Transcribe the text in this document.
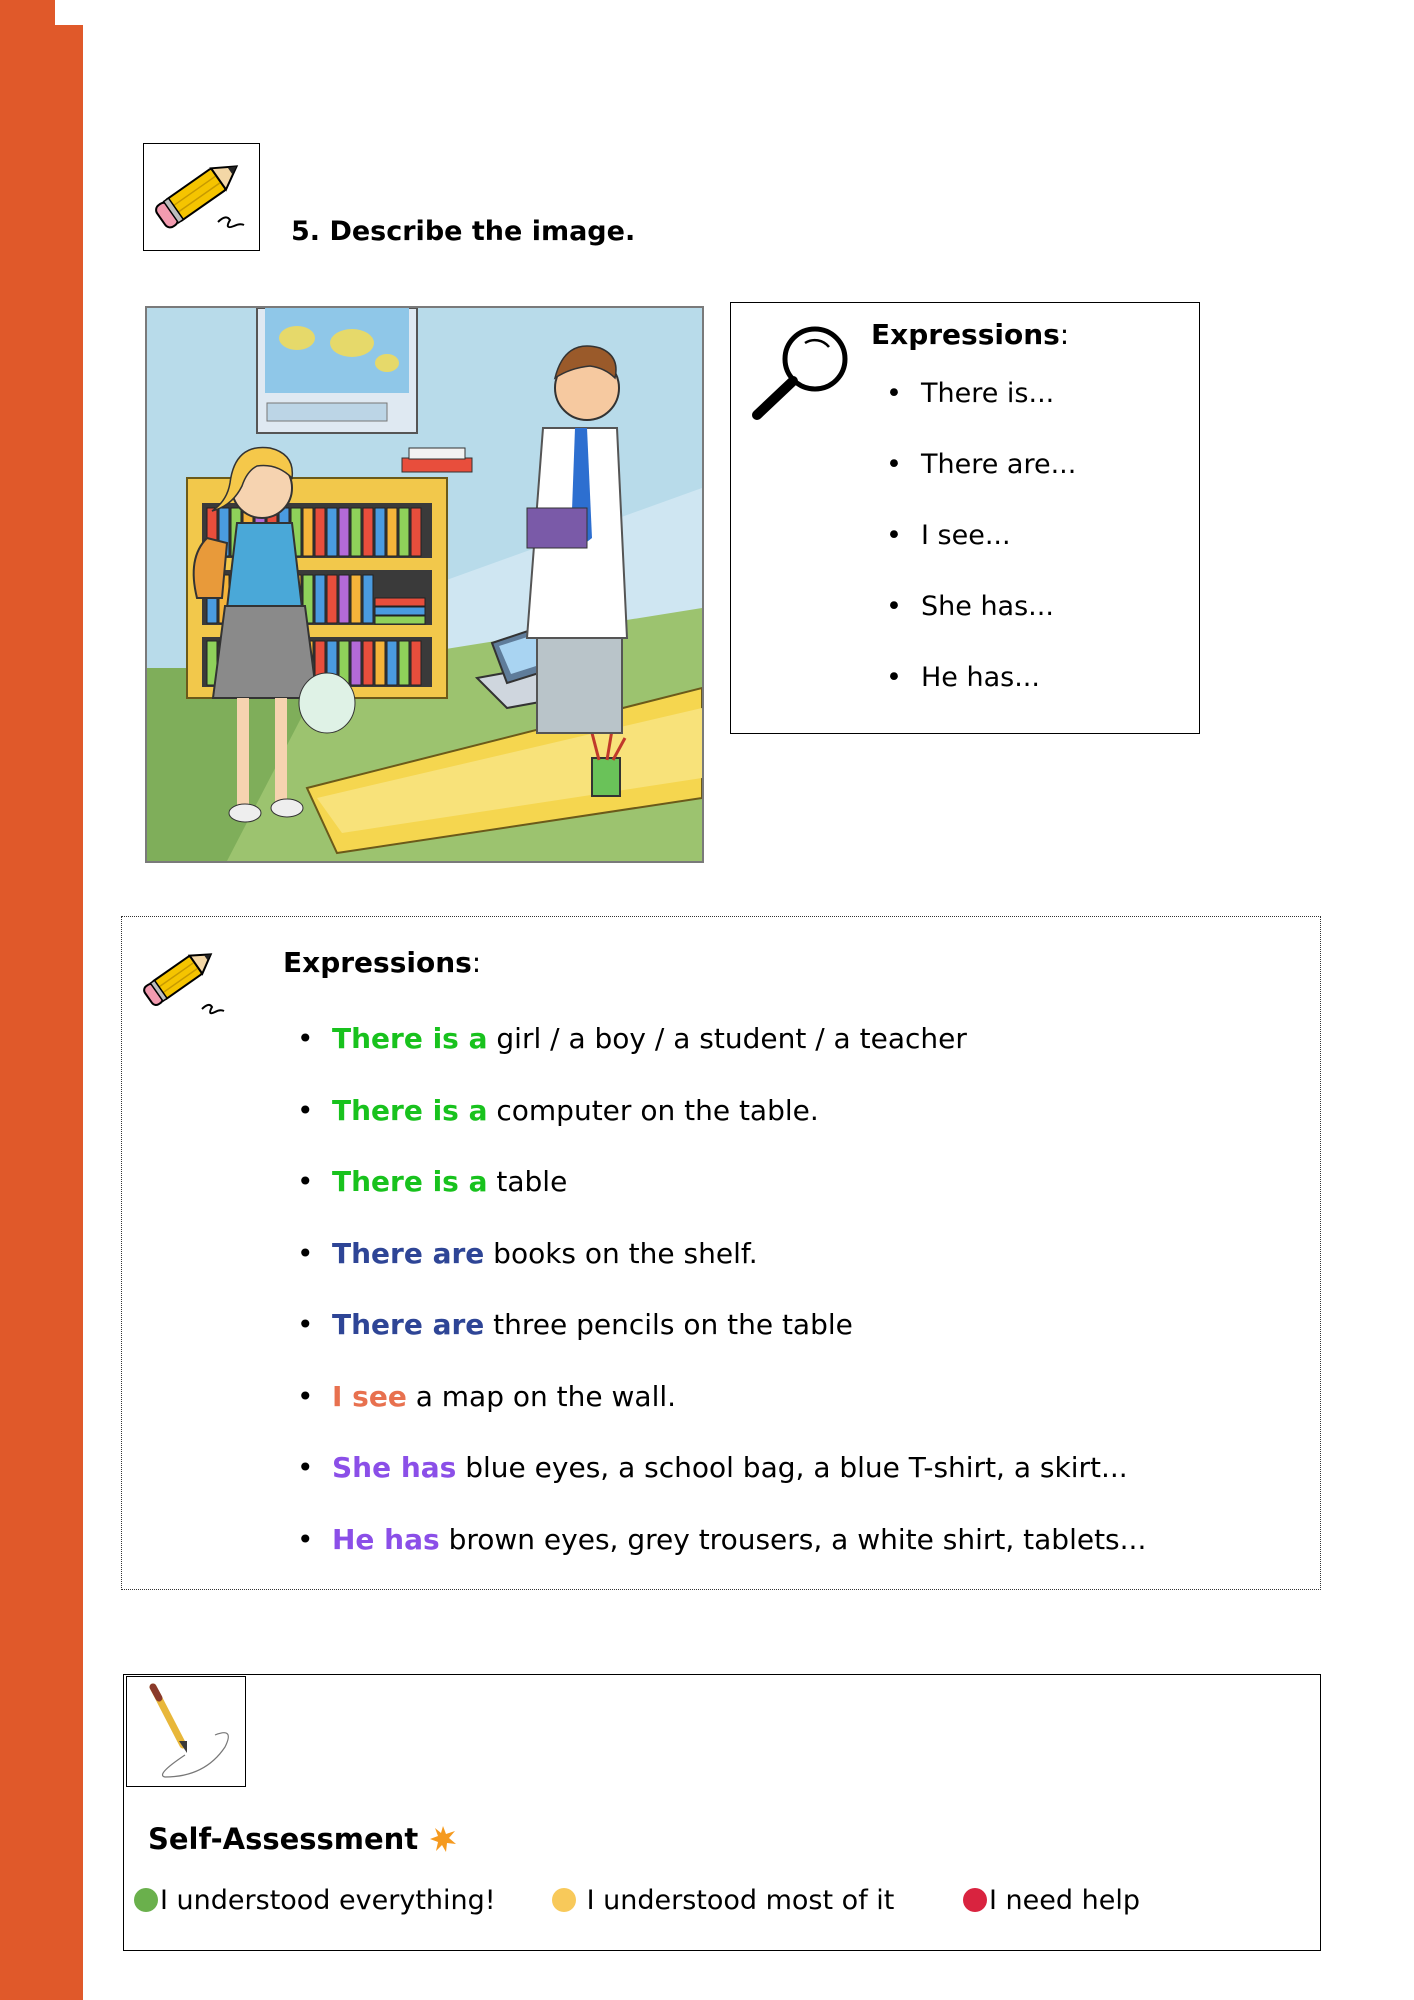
5. Describe the image.
Expressions:
• There is...
• There are...
• I see...
• She has...
• He has...
Expressions:
• There is a girl / a boy / a student / a teacher
• There is a computer on the table.
• There is a table
• There are books on the shelf.
• There are three pencils on the table
• I see a map on the wall.
• She has blue eyes, a school bag, a blue T-shirt, a skirt...
• He has brown eyes, grey trousers, a white shirt, tablets...
Self-Assessment
I understood everything!	I understood most of it	I need help
